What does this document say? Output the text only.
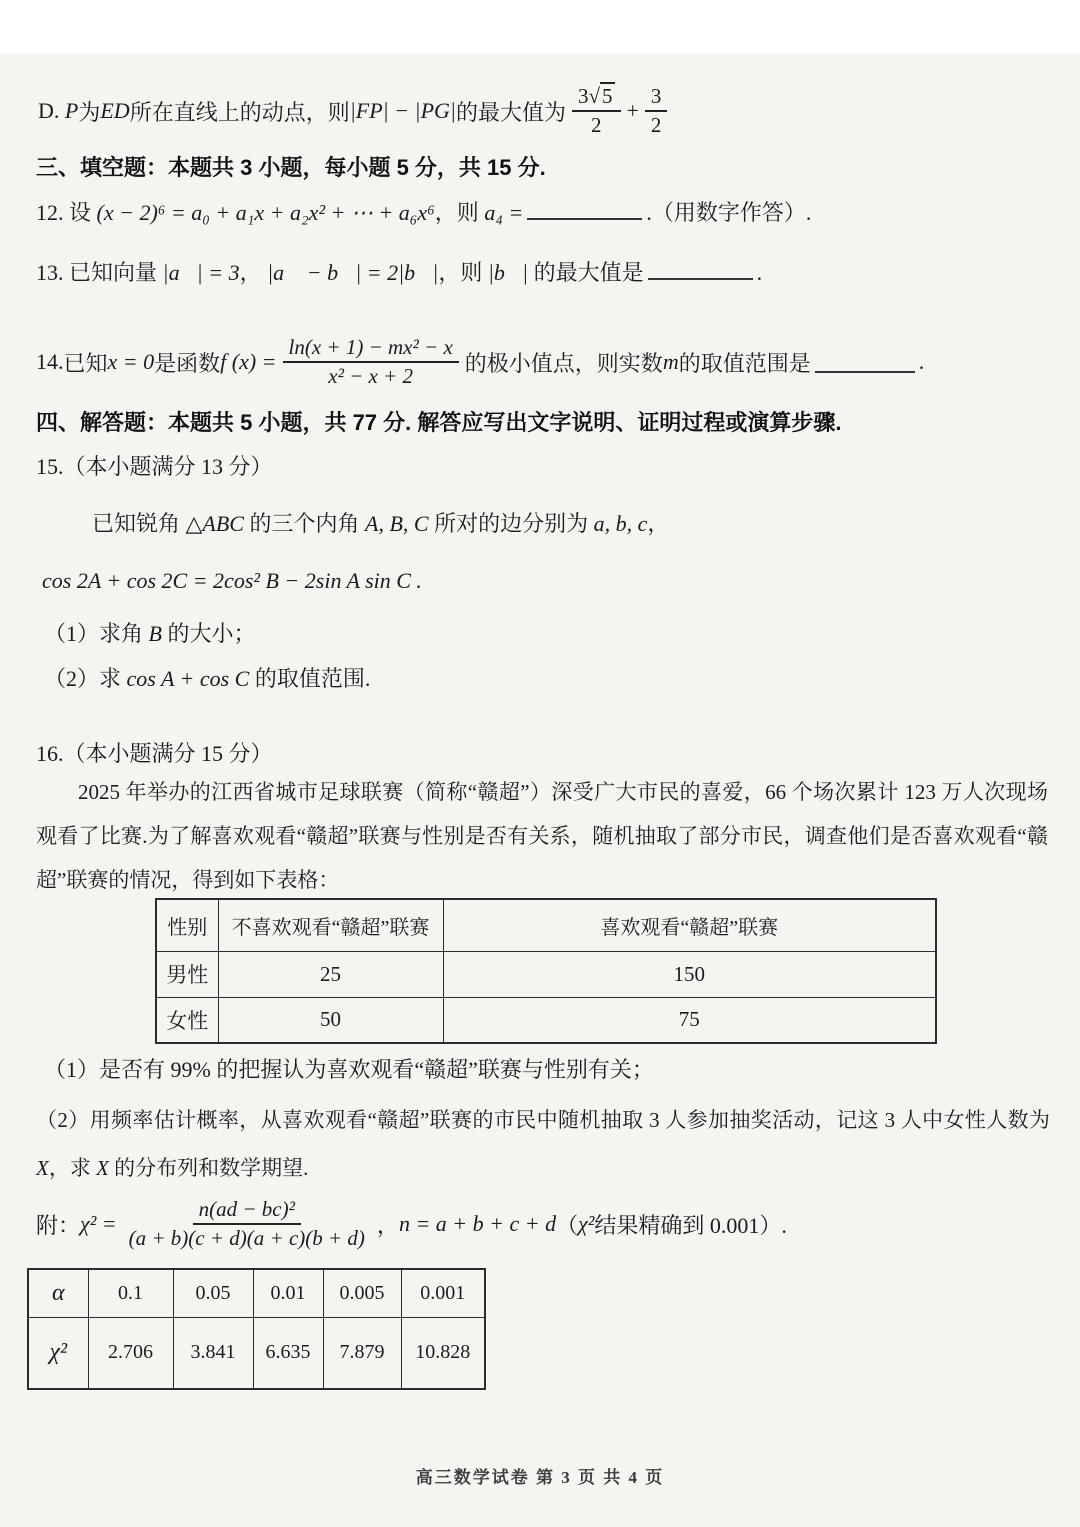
D.
P 为 ED 所在直线上的动点，则 |FP| − |PG| 的最大值为 $\frac{3√5}{2} + \frac{3}{2}$
三、填空题：本题共 3 小题，每小题 5 分，共 15 分.
12. 设 (x − 2)⁶ = a₀ + a₁x + a₂x² + ⋯ + a₆x⁶，则 a₄ =	.（用数字作答）.
13. 已知向量 |a⃗| = 3， |a⃗ − b⃗| = 2|b⃗|，则 |b⃗| 的最大值是	.
14. 已知 x = 0 是函数 f $(x) = \frac{\text{ln(x + 1) − mx² − x}}{\text{x² − x + 2}}$ 的极小值点，则实数 m 的取值范围是	.
四、解答题：本题共 5 小题，共 77 分. 解答应写出文字说明、证明过程或演算步骤.
15.（本小题满分 13 分）
已知锐角 △ABC 的三个内角 A, B, C 所对的边分别为 a, b, c，
cos 2A + cos 2C = 2cos² B − 2sin A sin C .
（1）求角 B 的大小；
（2）求 cos A + cos C 的取值范围.
16.（本小题满分 15 分）
2025 年举办的江西省城市足球联赛（简称“赣超”）深受广大市民的喜爱，66 个场次累计 123 万人次现场观看了比赛.为了解喜欢观看“赣超”联赛与性别是否有关系，随机抽取了部分市民，调查他们是否喜欢观看“赣超”联赛的情况，得到如下表格：
性别	不喜欢观看“赣超”联赛	喜欢观看“赣超”联赛
男性	25	150
女性	50	75
（1）是否有 99% 的把握认为喜欢观看“赣超”联赛与性别有关；
（2）用频率估计概率，从喜欢观看“赣超”联赛的市民中随机抽取 3 人参加抽奖活动，记这 3 人中女性人数为 X，求 X 的分布列和数学期望.
附： $\chi^2 = \frac{\text{n(ad − bc)²}}{(a + b)(c + d)(a + c)(b + d)}$ ， n = a + b + c + d （ χ² 结果精确到 0.001）.
α	0.1	0.05	0.01	0.005	0.001
χ²	2.706	3.841	6.635	7.879	10.828
高三数学试卷 第 3 页 共 4 页
